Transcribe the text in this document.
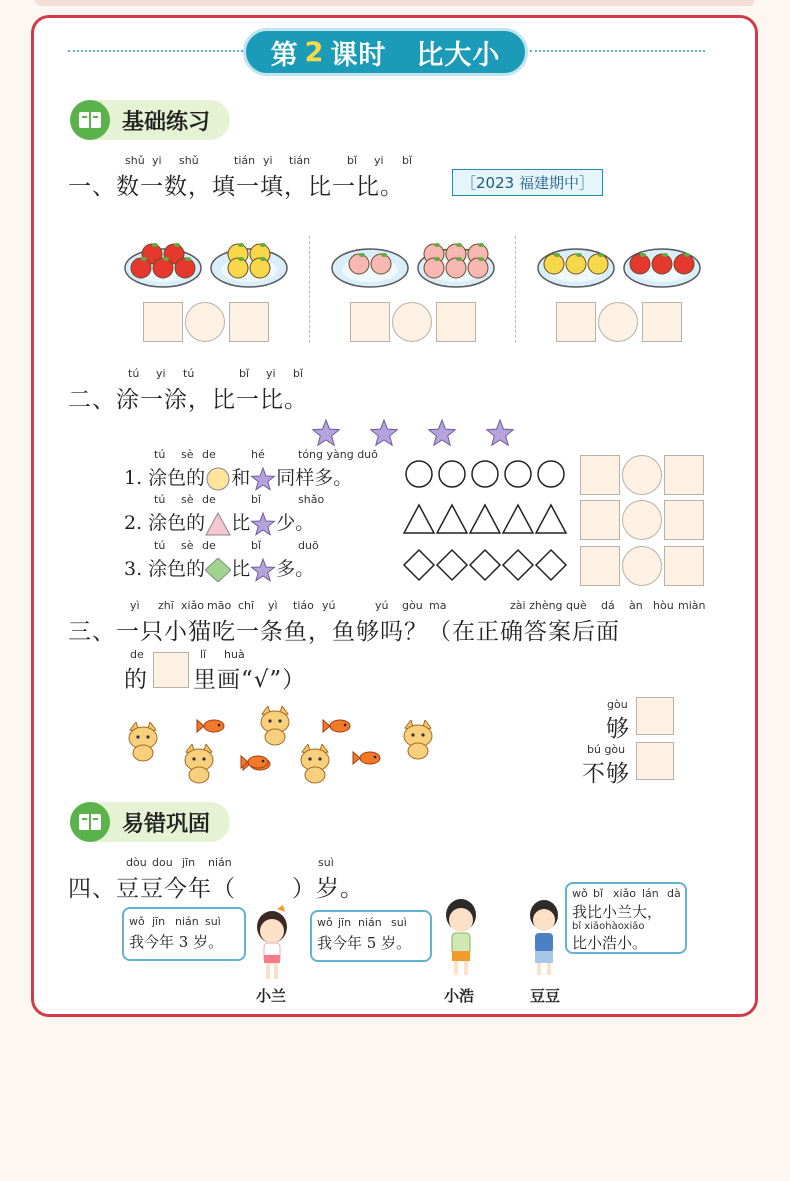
第 2 课时 比大小
基础练习
shǔ yi shǔ	tián yi tián	bǐ yi bǐ
一、数一数，填一填，比一比。	［2023 福建期中］
tú yi tú	bǐ yi bǐ
二、涂一涂，比一比。
tú sè de	hé	tóng yàng duō
1. 涂色的 和 同样多。
tú sè de	bǐ	shǎo
2. 涂色的 比 少。
tú sè de	bǐ	duō
3. 涂色的 比 多。
yì zhī xiǎo māo chī yì tiáo yú	yú gòu ma	zài zhèng què dá àn hòu miàn
三、一只小猫吃一条鱼，鱼够吗？（在正确答案后面
de	lǐ huà
的 里画“√”）
gòu
够
bú gòu
不够
易错巩固
dòu dou jīn nián	suì
四、豆豆今年（ ）岁。
wǒ jīn nián suì
我今年 3 岁。
wǒ jīn nián suì
我今年 5 岁。
wǒ bǐ xiǎo lán dà
我比小兰大，
bǐ xiǎohàoxiǎo
比小浩小。
小兰	小浩	豆豆
